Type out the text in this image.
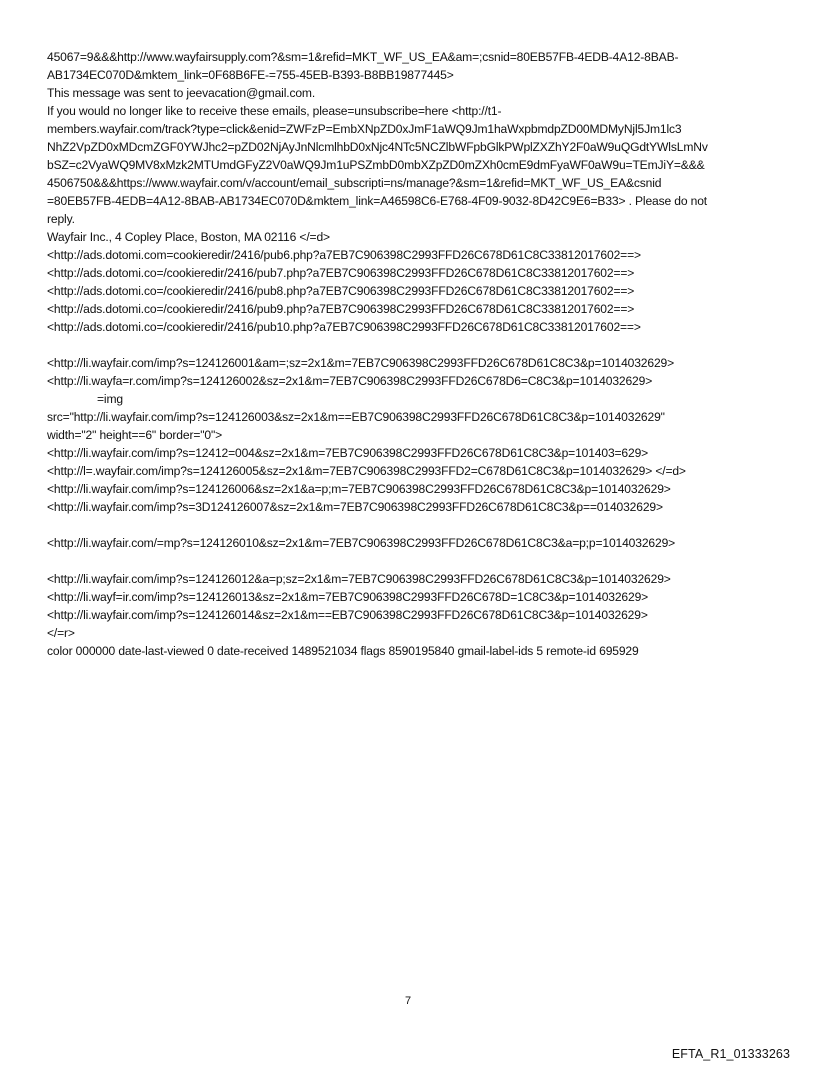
45067=9&&&http://www.wayfairsupply.com?&sm=1&refid=MKT_WF_US_EA&am=;csnid=80EB57FB-4EDB-4A12-8BAB-
AB1734EC070D&mktem_link=0F68B6FE-=755-45EB-B393-B8BB19877445>
This message was sent to jeevacation@gmail.com.
If you would no longer like to receive these emails, please=unsubscribe=here <http://t1-
members.wayfair.com/track?type=click&enid=ZWFzP=EmbXNpZD0xJmF1aWQ9Jm1haWxpbmdpZD00MDMyNjl5Jm1lc3
NhZ2VpZD0xMDcmZGF0YWJhc2=pZD02NjAyJnNlcmlhbD0xNjc4NTc5NCZlbWFpbGlkPWplZXZhY2F0aW9uQGdtYWlsLmNv
bSZ=c2VyaWQ9MV8xMzk2MTUmdGFyZ2V0aWQ9Jm1uPSZmbD0mbXZpZD0mZXh0cmE9dmFyaWF0aW9u=TEmJiY=&&&
4506750&&&https://www.wayfair.com/v/account/email_subscripti=ns/manage?&sm=1&refid=MKT_WF_US_EA&csnid
=80EB57FB-4EDB=4A12-8BAB-AB1734EC070D&mktem_link=A46598C6-E768-4F09-9032-8D42C9E6=B33> . Please do not
reply.
Wayfair Inc., 4 Copley Place, Boston, MA 02116 </=d>
<http://ads.dotomi.com=cookieredir/2416/pub6.php?a7EB7C906398C2993FFD26C678D61C8C33812017602==>
<http://ads.dotomi.co=/cookieredir/2416/pub7.php?a7EB7C906398C2993FFD26C678D61C8C33812017602==>
<http://ads.dotomi.co=/cookieredir/2416/pub8.php?a7EB7C906398C2993FFD26C678D61C8C33812017602==>
<http://ads.dotomi.co=/cookieredir/2416/pub9.php?a7EB7C906398C2993FFD26C678D61C8C33812017602==>
<http://ads.dotomi.co=/cookieredir/2416/pub10.php?a7EB7C906398C2993FFD26C678D61C8C33812017602==>
<http://li.wayfair.com/imp?s=124126001&am=;sz=2x1&m=7EB7C906398C2993FFD26C678D61C8C3&p=1014032629>
<http://li.wayfa=r.com/imp?s=124126002&sz=2x1&m=7EB7C906398C2993FFD26C678D6=C8C3&p=1014032629>
=img
src="http://li.wayfair.com/imp?s=124126003&sz=2x1&m==EB7C906398C2993FFD26C678D61C8C3&p=1014032629"
width="2" height==6" border="0">
<http://li.wayfair.com/imp?s=12412=004&sz=2x1&m=7EB7C906398C2993FFD26C678D61C8C3&p=101403=629>
<http://l=.wayfair.com/imp?s=124126005&sz=2x1&m=7EB7C906398C2993FFD2=C678D61C8C3&p=1014032629> </=d>
<http://li.wayfair.com/imp?s=124126006&sz=2x1&a=p;m=7EB7C906398C2993FFD26C678D61C8C3&p=1014032629>
<http://li.wayfair.com/imp?s=3D124126007&sz=2x1&m=7EB7C906398C2993FFD26C678D61C8C3&p==014032629>
<http://li.wayfair.com/=mp?s=124126010&sz=2x1&m=7EB7C906398C2993FFD26C678D61C8C3&a=p;p=1014032629>
<http://li.wayfair.com/imp?s=124126012&a=p;sz=2x1&m=7EB7C906398C2993FFD26C678D61C8C3&p=1014032629>
<http://li.wayf=ir.com/imp?s=124126013&sz=2x1&m=7EB7C906398C2993FFD26C678D=1C8C3&p=1014032629>
<http://li.wayfair.com/imp?s=124126014&sz=2x1&m==EB7C906398C2993FFD26C678D61C8C3&p=1014032629>
</=r>
color 000000 date-last-viewed 0 date-received 1489521034 flags 8590195840 gmail-label-ids 5 remote-id 695929
7
EFTA_R1_01333263
